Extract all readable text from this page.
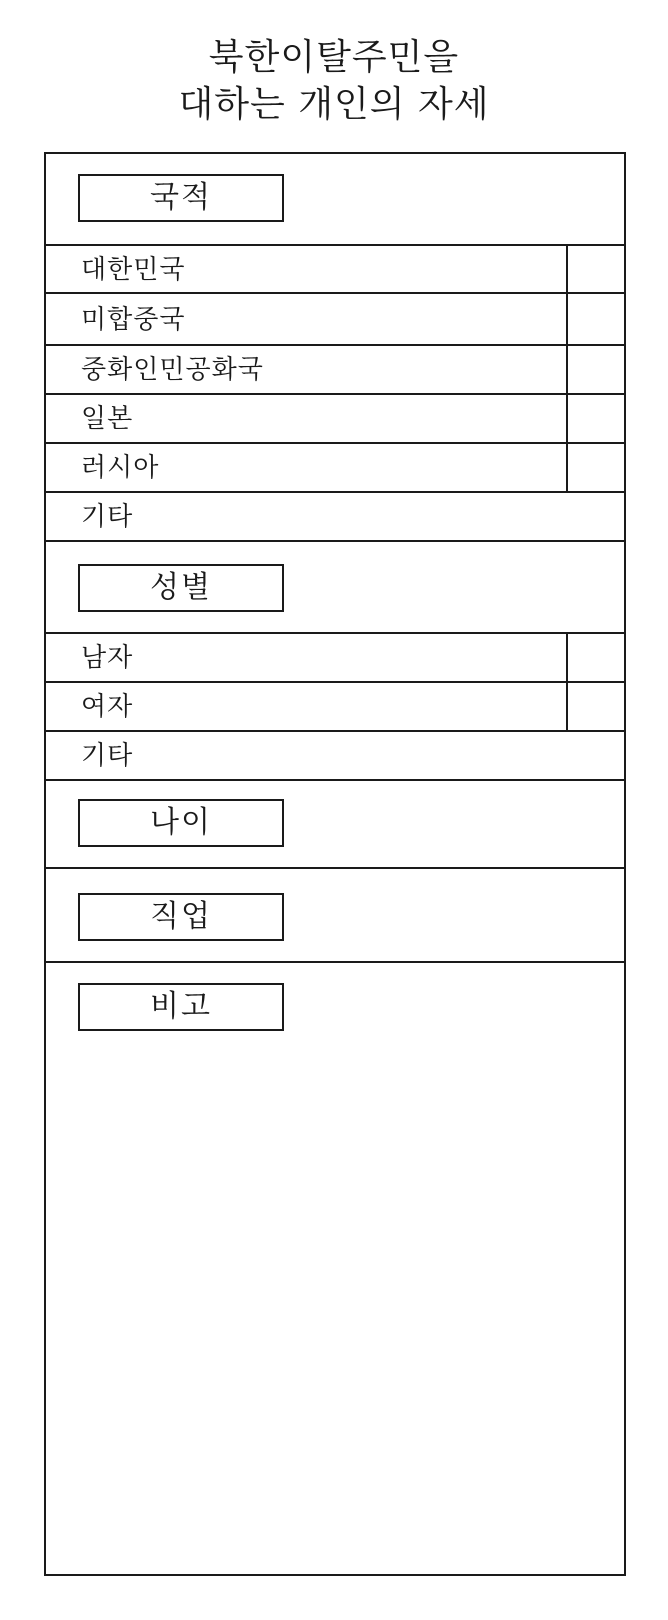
북한이탈주민을
대하는 개인의 자세
국적
대한민국
미합중국
중화인민공화국
일본
러시아
기타
성별
남자
여자
기타
나이
직업
비고
